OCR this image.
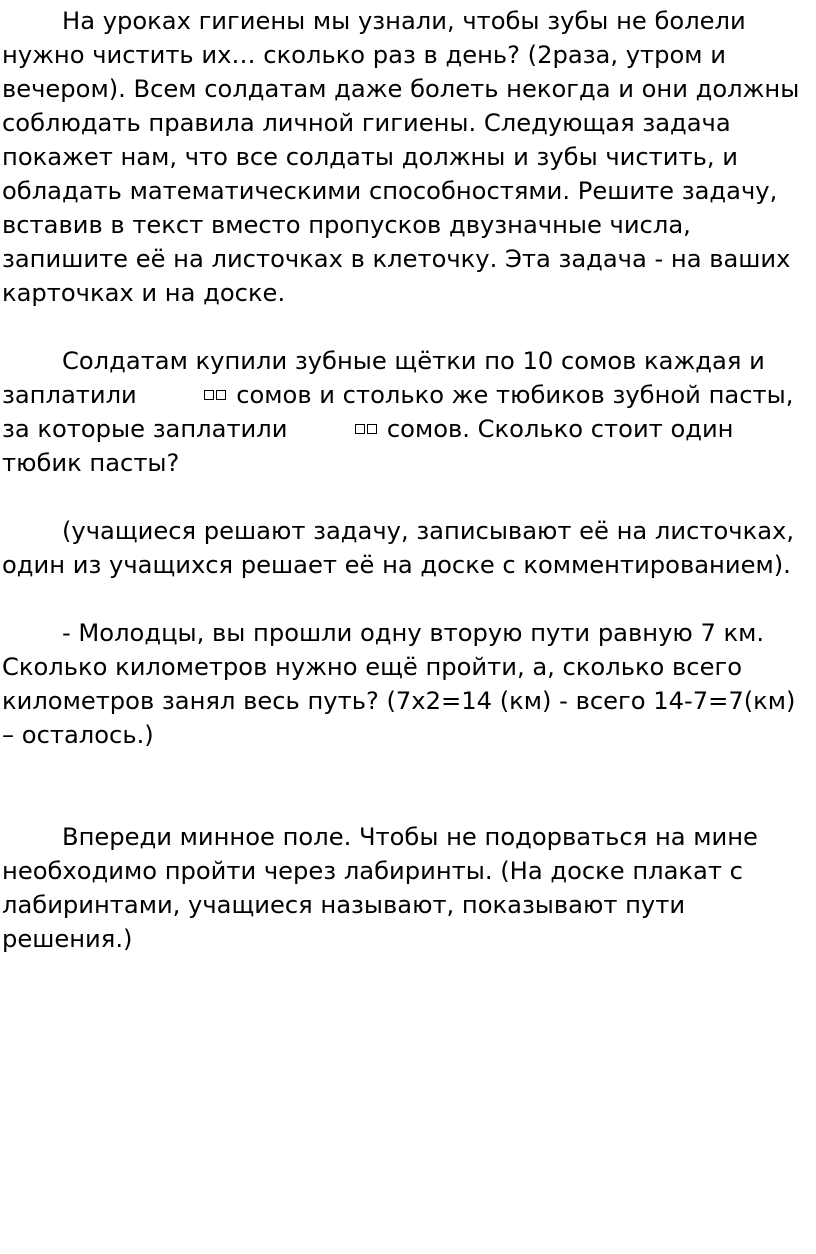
На уроках гигиены мы узнали, чтобы зубы не болели нужно чистить их… сколько раз в день? (2раза, утром и вечером). Всем солдатам даже болеть некогда и они должны соблюдать правила личной гигиены. Следующая задача покажет нам, что все солдаты должны и зубы чистить, и обладать математическими способностями. Решите задачу, вставив в текст вместо пропусков двузначные числа, запишите её на листочках в клеточку. Эта задача - на ваших карточках и на доске.

Солдатам купили зубные щётки по 10 сомов каждая и заплатили	сомов и столько же тюбиков зубной пасты, за которые заплатили	сомов. Сколько стоит один тюбик пасты?

(учащиеся решают задачу, записывают её на листочках, один из учащихся решает её на доске с комментированием).

- Молодцы, вы прошли одну вторую пути равную 7 км. Сколько километров нужно ещё пройти, а, сколько всего километров занял весь путь? (7х2=14 (км) - всего 14-7=7(км) – осталось.)

Впереди минное поле. Чтобы не подорваться на мине необходимо пройти через лабиринты. (На доске плакат с лабиринтами, учащиеся называют, показывают пути решения.)
